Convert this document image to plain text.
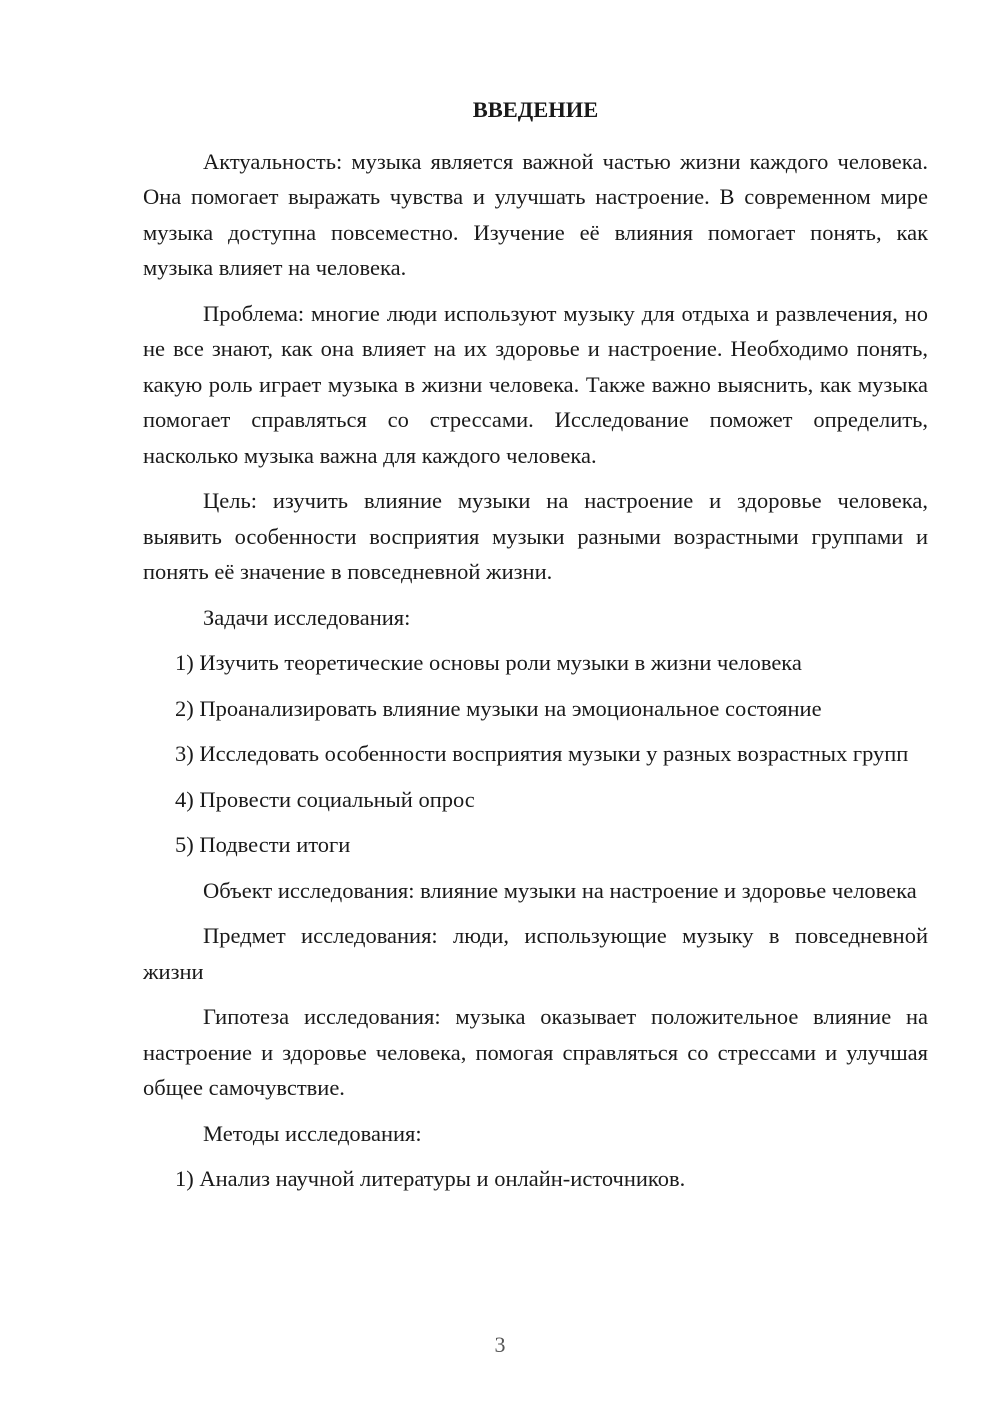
ВВЕДЕНИЕ

Актуальность: музыка является важной частью жизни каждого человека. Она помогает выражать чувства и улучшать настроение. В современном мире музыка доступна повсеместно. Изучение её влияния помогает понять, как музыка влияет на человека.

Проблема: многие люди используют музыку для отдыха и развлечения, но не все знают, как она влияет на их здоровье и настроение. Необходимо понять, какую роль играет музыка в жизни человека. Также важно выяснить, как музыка помогает справляться со стрессами. Исследование поможет определить, насколько музыка важна для каждого человека.

Цель: изучить влияние музыки на настроение и здоровье человека, выявить особенности восприятия музыки разными возрастными группами и понять её значение в повседневной жизни.

Задачи исследования:

1) Изучить теоретические основы роли музыки в жизни человека

2) Проанализировать влияние музыки на эмоциональное состояние

3) Исследовать особенности восприятия музыки у разных возрастных групп

4) Провести социальный опрос

5) Подвести итоги

Объект исследования: влияние музыки на настроение и здоровье человека

Предмет исследования: люди, использующие музыку в повседневной жизни

Гипотеза исследования: музыка оказывает положительное влияние на настроение и здоровье человека, помогая справляться со стрессами и улучшая общее самочувствие.

Методы исследования:

1) Анализ научной литературы и онлайн-источников.

3
